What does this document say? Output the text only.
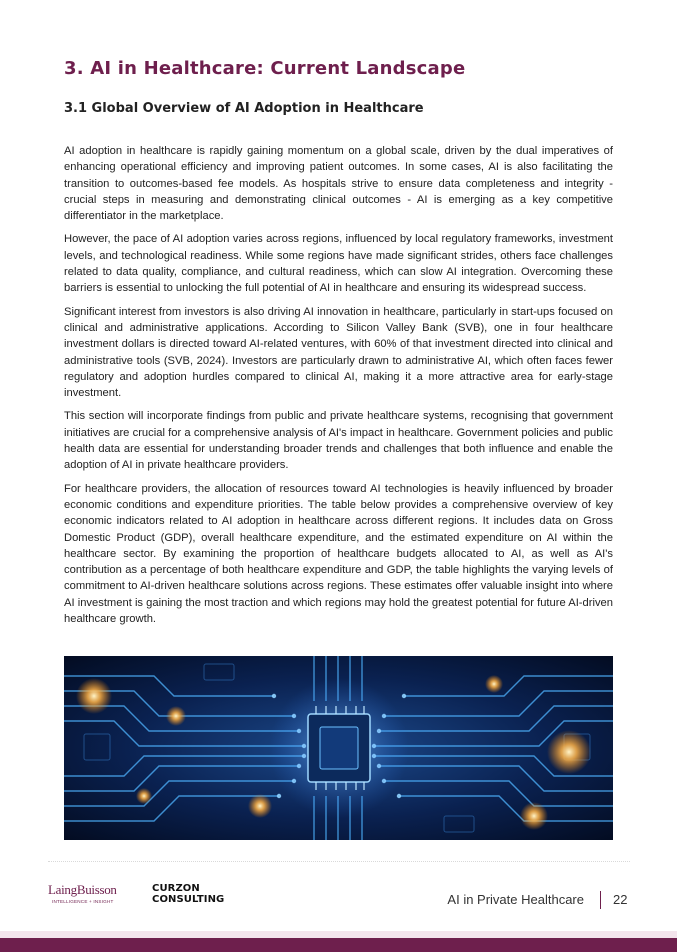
3. AI in Healthcare: Current Landscape
3.1 Global Overview of AI Adoption in Healthcare

AI adoption in healthcare is rapidly gaining momentum on a global scale, driven by the dual imperatives of enhancing operational efficiency and improving patient outcomes. In some cases, AI is also facilitating the transition to outcomes-based fee models. As hospitals strive to ensure data completeness and integrity - crucial steps in measuring and demonstrating clinical outcomes - AI is emerging as a key competitive differentiator in the marketplace.

However, the pace of AI adoption varies across regions, influenced by local regulatory frameworks, investment levels, and technological readiness. While some regions have made significant strides, others face challenges related to data quality, compliance, and cultural readiness, which can slow AI integration. Overcoming these barriers is essential to unlocking the full potential of AI in healthcare and ensuring its widespread success.

Significant interest from investors is also driving AI innovation in healthcare, particularly in start-ups focused on clinical and administrative applications. According to Silicon Valley Bank (SVB), one in four healthcare investment dollars is directed toward AI-related ventures, with 60% of that investment directed into clinical and administrative tools (SVB, 2024). Investors are particularly drawn to administrative AI, which often faces fewer regulatory and adoption hurdles compared to clinical AI, making it a more attractive area for early-stage investment.

This section will incorporate findings from public and private healthcare systems, recognising that government initiatives are crucial for a comprehensive analysis of AI's impact in healthcare. Government policies and public health data are essential for understanding broader trends and challenges that both influence and enable the adoption of AI in private healthcare providers.

For healthcare providers, the allocation of resources toward AI technologies is heavily influenced by broader economic conditions and expenditure priorities. The table below provides a comprehensive overview of key economic indicators related to AI adoption in healthcare across different regions. It includes data on Gross Domestic Product (GDP), overall healthcare expenditure, and the estimated expenditure on AI within the healthcare sector. By examining the proportion of healthcare budgets allocated to AI, as well as AI's contribution as a percentage of both healthcare expenditure and GDP, the table highlights the varying levels of commitment to AI-driven healthcare solutions across regions. These estimates offer valuable insight into where AI investment is gaining the most traction and which regions may hold the greatest potential for future AI-driven healthcare growth.

LaingBuisson
INTELLIGENCE + INSIGHT
CURZON
CONSULTING	AI in Private Healthcare 22
